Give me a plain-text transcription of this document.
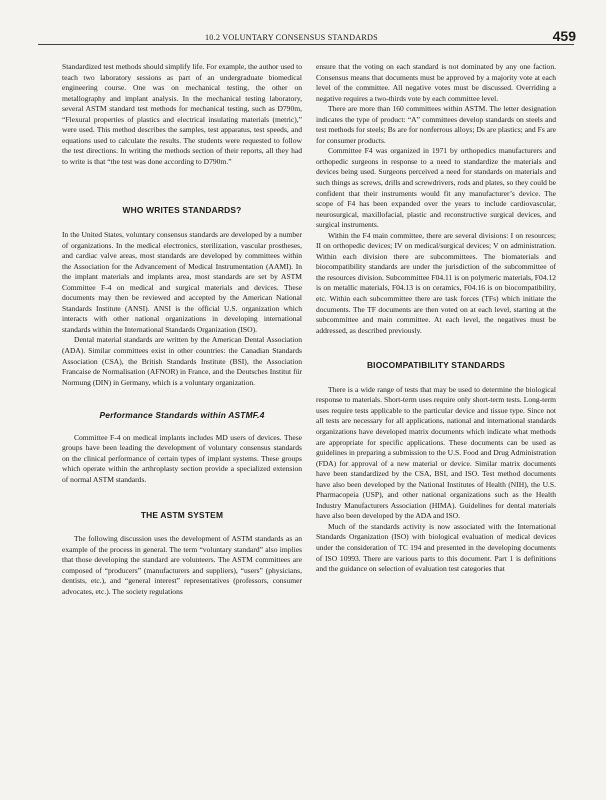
10.2 VOLUNTARY CONSENSUS STANDARDS	459

Standardized test methods should simplify life. For example, the author used to teach two laboratory sessions as part of an undergraduate biomedical engineering course. One was on mechanical testing, the other on metallography and implant analysis. In the mechanical testing laboratory, several ASTM standard test methods for mechanical testing, such as D790m, “Flexural properties of plastics and electrical insulating materials (metric),” were used. This method describes the samples, test apparatus, test speeds, and equations used to calculate the results. The students were requested to follow the test directions. In writing the methods section of their reports, all they had to write is that “the test was done according to D790m.”

WHO WRITES STANDARDS?

In the United States, voluntary consensus standards are developed by a number of organizations. In the medical electronics, sterilization, vascular prostheses, and cardiac valve areas, most standards are developed by committees within the Association for the Advancement of Medical Instrumentation (AAMI). In the implant materials and implants area, most standards are set by ASTM Committee F-4 on medical and surgical materials and devices. These documents may then be reviewed and accepted by the American National Standards Institute (ANSI). ANSI is the official U.S. organization which interacts with other national organizations in developing international standards within the International Standards Organization (ISO).

Dental material standards are written by the American Dental Association (ADA). Similar committees exist in other countries: the Canadian Standards Association (CSA), the British Standards Institute (BSI), the Association Francaise de Normalisation (AFNOR) in France, and the Deutsches Institut für Normung (DIN) in Germany, which is a voluntary organization.

Performance Standards within ASTMF.4

Committee F-4 on medical implants includes MD users of devices. These groups have been leading the development of voluntary consensus standards on the clinical performance of certain types of implant systems. These groups which operate within the arthroplasty section provide a specialized extension of normal ASTM standards.

THE ASTM SYSTEM

The following discussion uses the development of ASTM standards as an example of the process in general. The term “voluntary standard” also implies that those developing the standard are volunteers. The ASTM committees are composed of “producers” (manufacturers and suppliers), “users” (physicians, dentists, etc.), and “general interest” representatives (professors, consumer advocates, etc.). The society regulations

ensure that the voting on each standard is not dominated by any one faction. Consensus means that documents must be approved by a majority vote at each level of the committee. All negative votes must be discussed. Overriding a negative requires a two-thirds vote by each committee level.

There are more than 160 committees within ASTM. The letter designation indicates the type of product: “A” committees develop standards on steels and test methods for steels; Bs are for nonferrous alloys; Ds are plastics; and Fs are for consumer products.

Committee F4 was organized in 1971 by orthopedics manufacturers and orthopedic surgeons in response to a need to standardize the materials and devices being used. Surgeons perceived a need for standards on materials and such things as screws, drills and screwdrivers, rods and plates, so they could be confident that their instruments would fit any manufacturer’s device. The scope of F4 has been expanded over the years to include cardiovascular, neurosurgical, maxillofacial, plastic and reconstructive surgical devices, and surgical instruments.

Within the F4 main committee, there are several divisions: I on resources; II on orthopedic devices; IV on medical/surgical devices; V on administration. Within each division there are subcommittees. The biomaterials and biocompatibility standards are under the jurisdiction of the subcommittee of the resources division. Subcommittee F04.11 is on polymeric materials, F04.12 is on metallic materials, F04.13 is on ceramics, F04.16 is on biocompatibility, etc. Within each subcommittee there are task forces (TFs) which initiate the documents. The TF documents are then voted on at each level, starting at the subcommittee and main committee. At each level, the negatives must be addressed, as described previously.

BIOCOMPATIBILITY STANDARDS

There is a wide range of tests that may be used to determine the biological response to materials. Short-term uses require only short-term tests. Long-term uses require tests applicable to the particular device and tissue type. Since not all tests are necessary for all applications, national and international standards organizations have developed matrix documents which indicate what methods are appropriate for specific applications. These documents can be used as guidelines in preparing a submission to the U.S. Food and Drug Administration (FDA) for approval of a new material or device. Similar matrix documents have been standardized by the CSA, BSI, and ISO. Test method documents have also been developed by the National Institutes of Health (NIH), the U.S. Pharmacopeia (USP), and other national organizations such as the Health Industry Manufacturers Association (HIMA). Guidelines for dental materials have also been developed by the ADA and ISO.

Much of the standards activity is now associated with the International Standards Organization (ISO) with biological evaluation of medical devices under the consideration of TC 194 and presented in the developing documents of ISO 10993. There are various parts to this document. Part 1 is definitions and the guidance on selection of evaluation test categories that
